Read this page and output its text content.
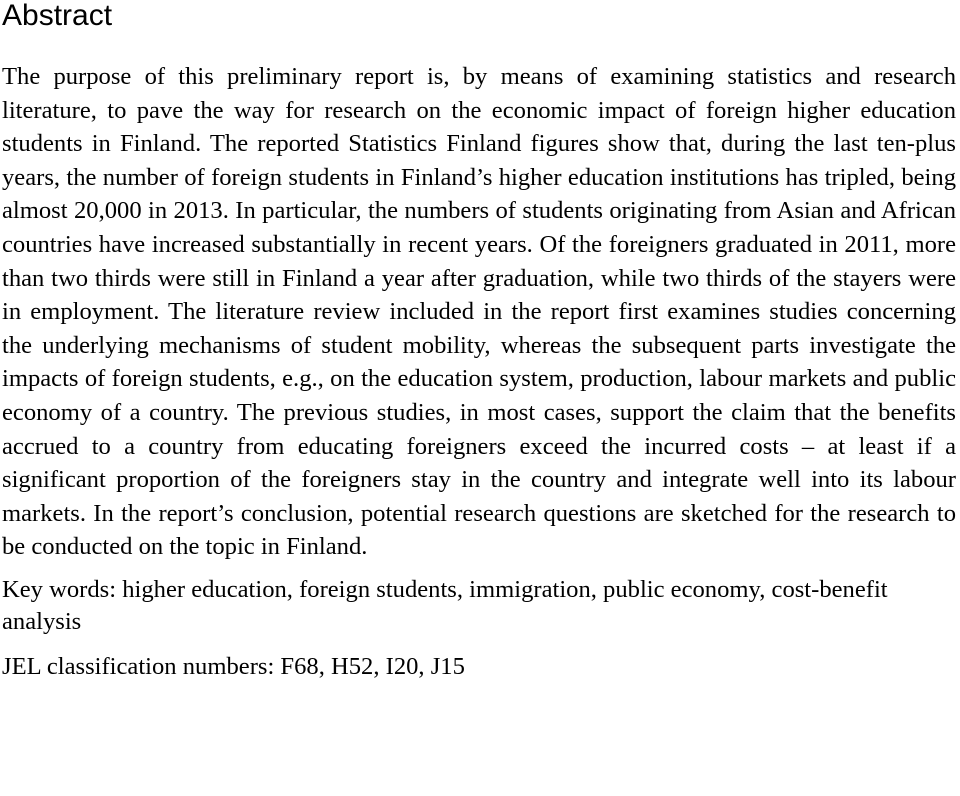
Abstract

The purpose of this preliminary report is, by means of examining statistics and research literature, to pave the way for research on the economic impact of foreign higher education students in Finland. The reported Statistics Finland figures show that, during the last ten-plus years, the number of foreign students in Finland’s higher education institutions has tripled, being almost 20,000 in 2013. In particular, the numbers of students originating from Asian and African countries have increased substantially in recent years. Of the foreigners graduated in 2011, more than two thirds were still in Finland a year after graduation, while two thirds of the stayers were in employment. The literature review included in the report first examines studies concerning the underlying mechanisms of student mobility, whereas the subsequent parts investigate the impacts of foreign students, e.g., on the education system, production, labour markets and public economy of a country. The previous studies, in most cases, support the claim that the benefits accrued to a country from educating foreigners exceed the incurred costs – at least if a significant proportion of the foreigners stay in the country and integrate well into its labour markets. In the report’s conclusion, potential research questions are sketched for the research to be conducted on the topic in Finland.

Key words: higher education, foreign students, immigration, public economy, cost-benefit analysis

JEL classification numbers: F68, H52, I20, J15
